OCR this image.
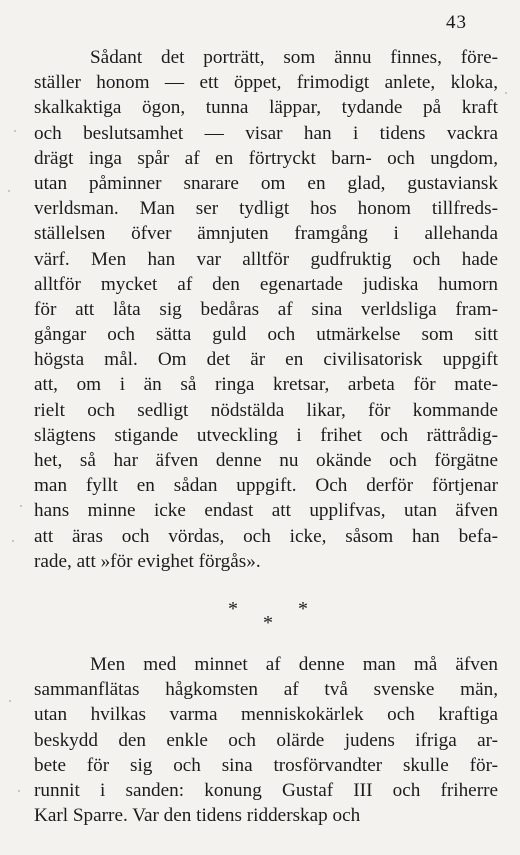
43
Sådant det porträtt, som ännu finnes, före-
ställer honom — ett öppet, frimodigt anlete, kloka,
skalkaktiga ögon, tunna läppar, tydande på kraft
och beslutsamhet — visar han i tidens vackra
drägt inga spår af en förtryckt barn- och ungdom,
utan påminner snarare om en glad, gustaviansk
verldsman. Man ser tydligt hos honom tillfreds-
ställelsen öfver ämnjuten framgång i allehanda
värf. Men han var alltför gudfruktig och hade
alltför mycket af den egenartade judiska humorn
för att låta sig bedåras af sina verldsliga fram-
gångar och sätta guld och utmärkelse som sitt
högsta mål. Om det är en civilisatorisk uppgift
att, om i än så ringa kretsar, arbeta för mate-
rielt och sedligt nödstälda likar, för kommande
slägtens stigande utveckling i frihet och rättrådig-
het, så har äfven denne nu okände och förgätne
man fyllt en sådan uppgift. Och derför förtjenar
hans minne icke endast att upplifvas, utan äfven
att äras och vördas, och icke, såsom han befa-
rade, att »för evighet förgås».
*	*
*
Men med minnet af denne man må äfven
sammanflätas hågkomsten af två svenske män,
utan hvilkas varma menniskokärlek och kraftiga
beskydd den enkle och olärde judens ifriga ar-
bete för sig och sina trosförvandter skulle för-
runnit i sanden: konung Gustaf III och friherre
Karl Sparre. Var den tidens ridderskap och
